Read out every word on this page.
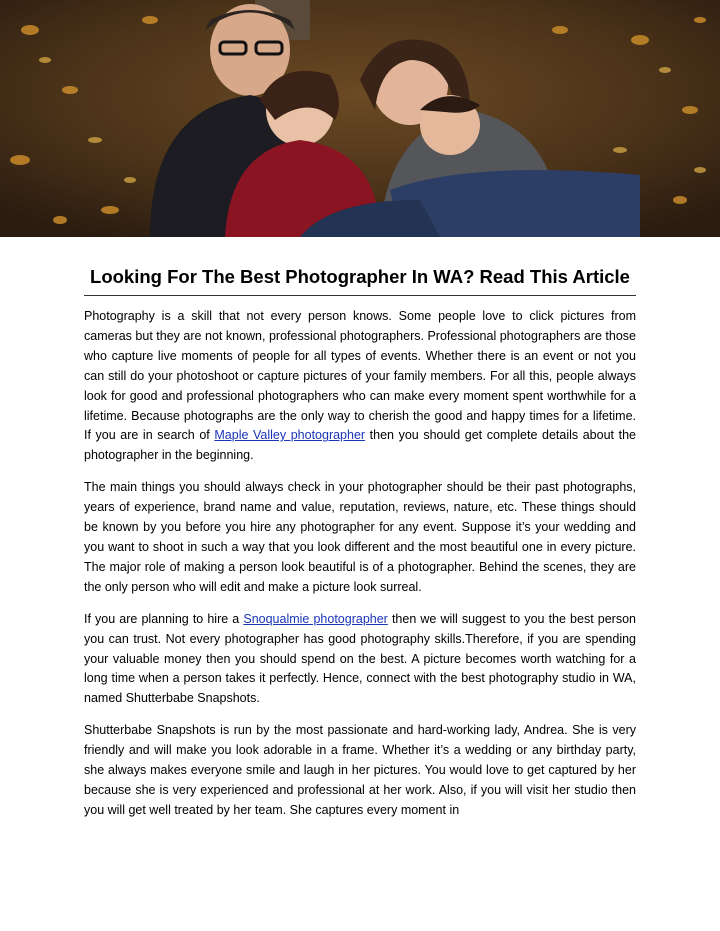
Looking For The Best Photographer In WA? Read This Article

Photography is a skill that not every person knows. Some people love to click pictures from cameras but they are not known, professional photographers. Professional photographers are those who capture live moments of people for all types of events. Whether there is an event or not you can still do your photoshoot or capture pictures of your family members. For all this, people always look for good and professional photographers who can make every moment spent worthwhile for a lifetime. Because photographs are the only way to cherish the good and happy times for a lifetime. If you are in search of Maple Valley photographer then you should get complete details about the photographer in the beginning.

The main things you should always check in your photographer should be their past photographs, years of experience, brand name and value, reputation, reviews, nature, etc. These things should be known by you before you hire any photographer for any event. Suppose it’s your wedding and you want to shoot in such a way that you look different and the most beautiful one in every picture. The major role of making a person look beautiful is of a photographer. Behind the scenes, they are the only person who will edit and make a picture look surreal.

If you are planning to hire a Snoqualmie photographer then we will suggest to you the best person you can trust. Not every photographer has good photography skills.Therefore, if you are spending your valuable money then you should spend on the best. A picture becomes worth watching for a long time when a person takes it perfectly. Hence, connect with the best photography studio in WA, named Shutterbabe Snapshots.

Shutterbabe Snapshots is run by the most passionate and hard-working lady, Andrea. She is very friendly and will make you look adorable in a frame. Whether it’s a wedding or any birthday party, she always makes everyone smile and laugh in her pictures. You would love to get captured by her because she is very experienced and professional at her work. Also, if you will visit her studio then you will get well treated by her team. She captures every moment in
